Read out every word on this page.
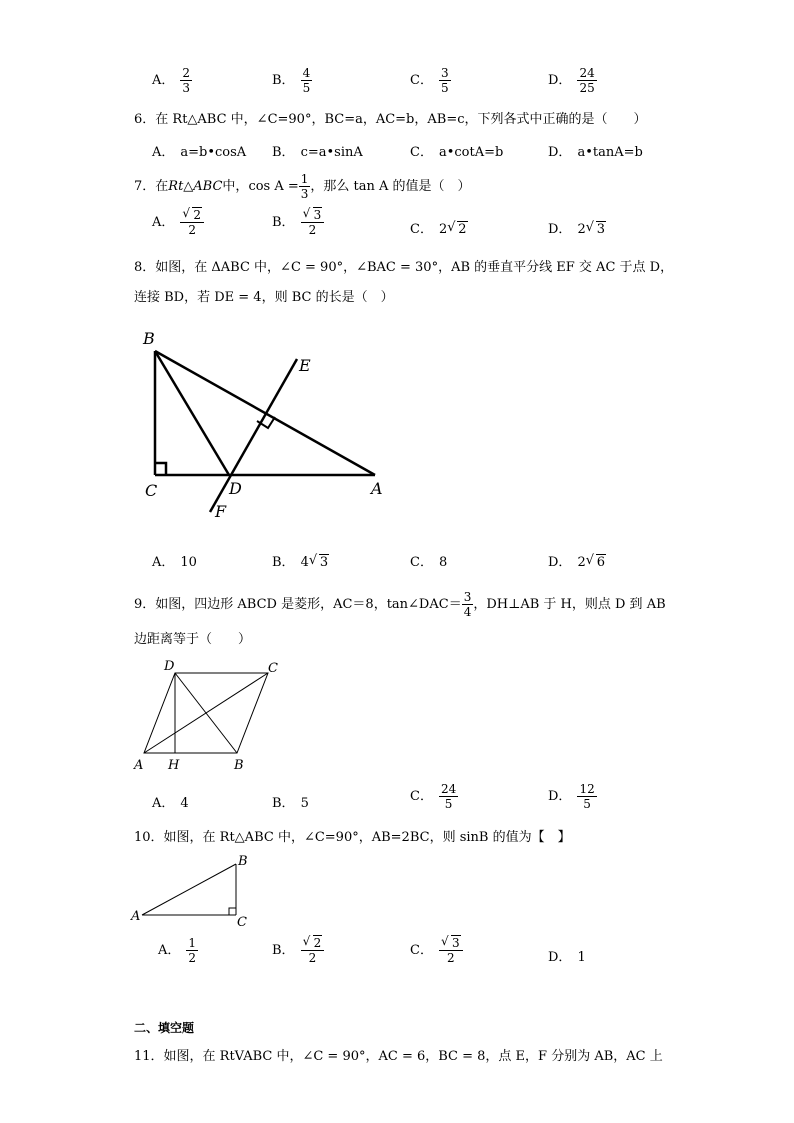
A． $\frac{2}{3}$	B． $\frac{4}{5}$	C． $\frac{3}{5}$	D． $\frac{24}{25}$
6．在 Rt△ABC 中，∠C=90°，BC=a，AC=b，AB=c，下列各式中正确的是（　　）
A． a=b•cosA B． c=a•sinA	C． a•cotA=b	D． a•tanA=b
7．在Rt△ABC中，$\cos A = \frac{1}{3}$ ，那么 tan A 的值是（　）
A． √ $\frac{2}{2}$	B． √ $\frac{3}{2}$	C． 2 √ 2	D． 2 √ 3
8．如图，在 ΔABC 中，∠C = 90°，∠BAC = 30°，AB 的垂直平分线 EF 交 AC 于点 D，
连接 BD，若 DE = 4，则 BC 的长是（　）
B
E
C	D	A
F
A． 10	B． 4 √ 3	C． 8	D． 2 √ 6
9．如图，四边形 ABCD 是菱形，AC＝8，tan∠DAC＝ $\frac{3}{4}$ ，DH⊥AB 于 H，则点 D 到 AB
边距离等于（　　）
D	C
A H	B
A． 4	B． 5	C． $\frac{24}{5}$	D． $\frac{12}{5}$
10．如图，在 Rt△ABC 中，∠C=90°，AB=2BC，则 sinB 的值为【　】
B
A	C
A． $\frac{1}{2}$	B． √ $\frac{2}{2}$	C． √ $\frac{3}{2}$	D． 1
二、填空题
11．如图，在 RtVABC 中，∠C = 90°，AC = 6，BC = 8，点 E，F 分别为 AB，AC 上
